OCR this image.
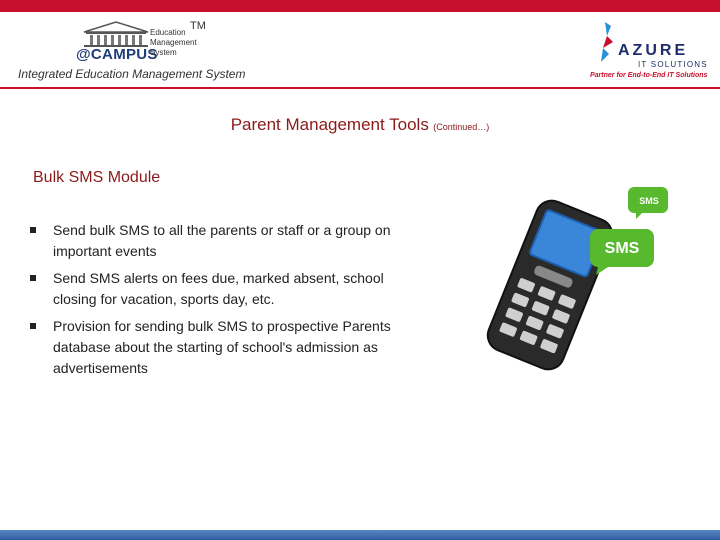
TM
@CAMPUS
Education
Management
System
Integrated Education Management System
AZURE
IT SOLUTIONS
Partner for End-to-End IT Solutions
Parent Management Tools (Continued…)
Bulk SMS Module
Send bulk SMS to all the parents or staff or a group on important events
Send SMS alerts on fees due, marked absent, school closing for vacation, sports day, etc.
Provision for sending bulk SMS to prospective Parents database about the starting of school's admission as advertisements
SMS
SMS
